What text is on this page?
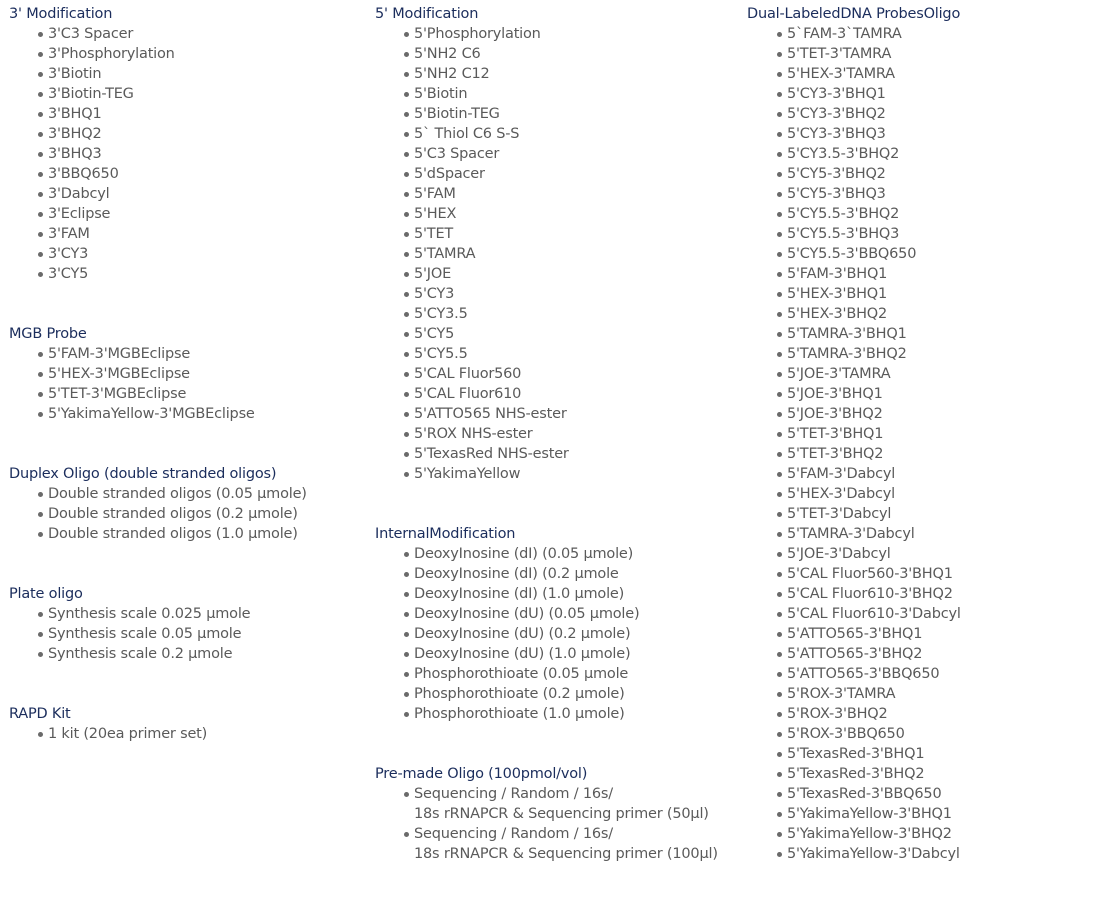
3' Modification
3'C3 Spacer
3'Phosphorylation
3'Biotin
3'Biotin-TEG
3'BHQ1
3'BHQ2
3'BHQ3
3'BBQ650
3'Dabcyl
3'Eclipse
3'FAM
3'CY3
3'CY5
MGB Probe
5'FAM-3'MGBEclipse
5'HEX-3'MGBEclipse
5'TET-3'MGBEclipse
5'YakimaYellow-3'MGBEclipse
Duplex Oligo (double stranded oligos)
Double stranded oligos (0.05 µmole)
Double stranded oligos (0.2 µmole)
Double stranded oligos (1.0 µmole)
Plate oligo
Synthesis scale 0.025 µmole
Synthesis scale 0.05 µmole
Synthesis scale 0.2 µmole
RAPD Kit
1 kit (20ea primer set)
5' Modification
5'Phosphorylation
5'NH2 C6
5'NH2 C12
5'Biotin
5'Biotin-TEG
5` Thiol C6 S-S
5'C3 Spacer
5'dSpacer
5'FAM
5'HEX
5'TET
5'TAMRA
5'JOE
5'CY3
5'CY3.5
5'CY5
5'CY5.5
5'CAL Fluor560
5'CAL Fluor610
5'ATTO565 NHS-ester
5'ROX NHS-ester
5'TexasRed NHS-ester
5'YakimaYellow
InternalModification
DeoxyInosine (dI) (0.05 µmole)
DeoxyInosine (dI) (0.2 µmole
DeoxyInosine (dI) (1.0 µmole)
DeoxyInosine (dU) (0.05 µmole)
DeoxyInosine (dU) (0.2 µmole)
DeoxyInosine (dU) (1.0 µmole)
Phosphorothioate (0.05 µmole
Phosphorothioate (0.2 µmole)
Phosphorothioate (1.0 µmole)
Pre-made Oligo (100pmol/vol)
Sequencing / Random / 16s/
18s rRNAPCR & Sequencing primer (50µl)
Sequencing / Random / 16s/
18s rRNAPCR & Sequencing primer (100µl)
Dual-LabeledDNA ProbesOligo
5`FAM-3`TAMRA
5'TET-3'TAMRA
5'HEX-3'TAMRA
5'CY3-3'BHQ1
5'CY3-3'BHQ2
5'CY3-3'BHQ3
5'CY3.5-3'BHQ2
5'CY5-3'BHQ2
5'CY5-3'BHQ3
5'CY5.5-3'BHQ2
5'CY5.5-3'BHQ3
5'CY5.5-3'BBQ650
5'FAM-3'BHQ1
5'HEX-3'BHQ1
5'HEX-3'BHQ2
5'TAMRA-3'BHQ1
5'TAMRA-3'BHQ2
5'JOE-3'TAMRA
5'JOE-3'BHQ1
5'JOE-3'BHQ2
5'TET-3'BHQ1
5'TET-3'BHQ2
5'FAM-3'Dabcyl
5'HEX-3'Dabcyl
5'TET-3'Dabcyl
5'TAMRA-3'Dabcyl
5'JOE-3'Dabcyl
5'CAL Fluor560-3'BHQ1
5'CAL Fluor610-3'BHQ2
5'CAL Fluor610-3'Dabcyl
5'ATTO565-3'BHQ1
5'ATTO565-3'BHQ2
5'ATTO565-3'BBQ650
5'ROX-3'TAMRA
5'ROX-3'BHQ2
5'ROX-3'BBQ650
5'TexasRed-3'BHQ1
5'TexasRed-3'BHQ2
5'TexasRed-3'BBQ650
5'YakimaYellow-3'BHQ1
5'YakimaYellow-3'BHQ2
5'YakimaYellow-3'Dabcyl
